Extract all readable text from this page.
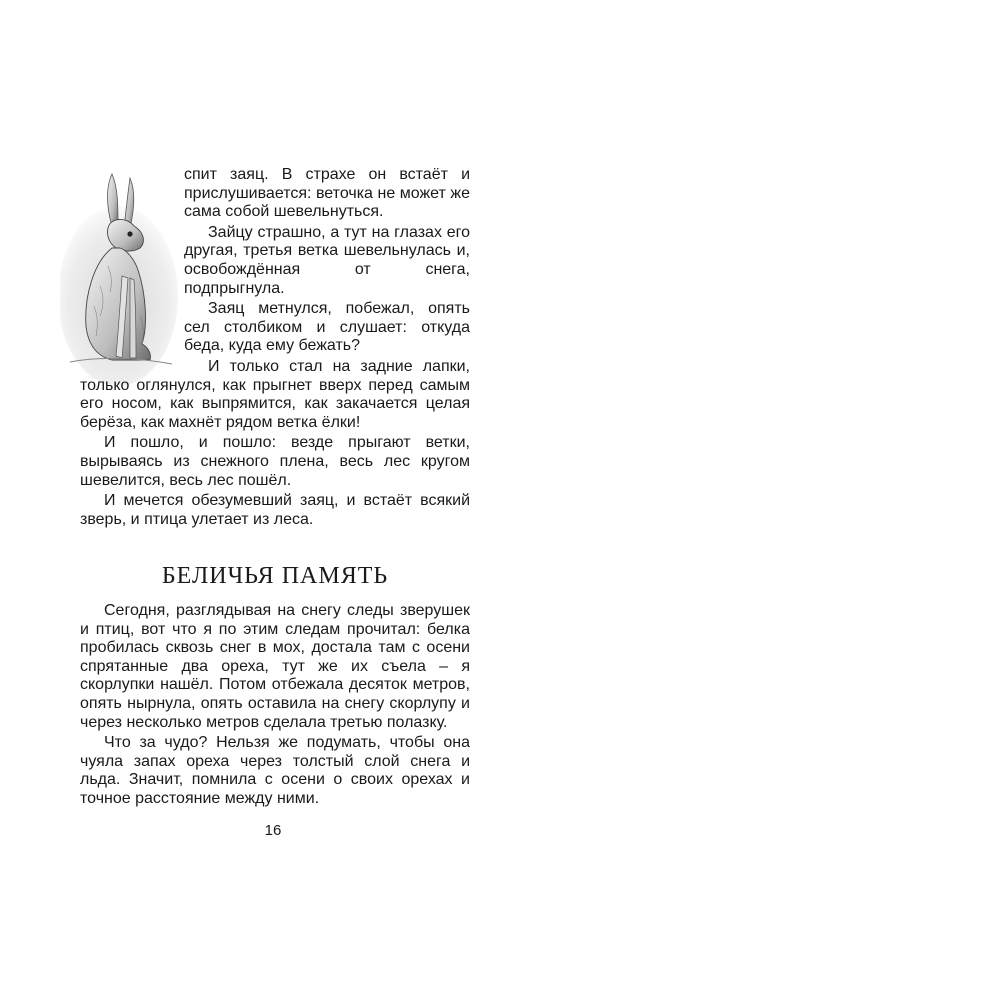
спит заяц. В страхе он встаёт и прислушивается: веточка не может же сама собой шевельнуться.

Зайцу страшно, а тут на глазах его другая, третья ветка шевельнулась и, освобождённая от снега, подпрыгнула.

Заяц метнулся, побежал, опять сел столбиком и слушает: откуда беда, куда ему бежать?

И только стал на задние лапки, только оглянулся, как прыгнет вверх перед самым его носом, как выпрямится, как закачается целая берёза, как махнёт рядом ветка ёлки!

И пошло, и пошло: везде прыгают ветки, вырываясь из снежного плена, весь лес кругом шевелится, весь лес пошёл.

И мечется обезумевший заяц, и встаёт всякий зверь, и птица улетает из леса.

БЕЛИЧЬЯ ПАМЯТЬ

Сегодня, разглядывая на снегу следы зверушек и птиц, вот что я по этим следам прочитал: белка пробилась сквозь снег в мох, достала там с осени спрятанные два ореха, тут же их съела – я скорлупки нашёл. Потом отбежала десяток метров, опять нырнула, опять оставила на снегу скорлупу и через несколько метров сделала третью полазку.

Что за чудо? Нельзя же подумать, чтобы она чуяла запах ореха через толстый слой снега и льда. Значит, помнила с осени о своих орехах и точное расстояние между ними.

16
